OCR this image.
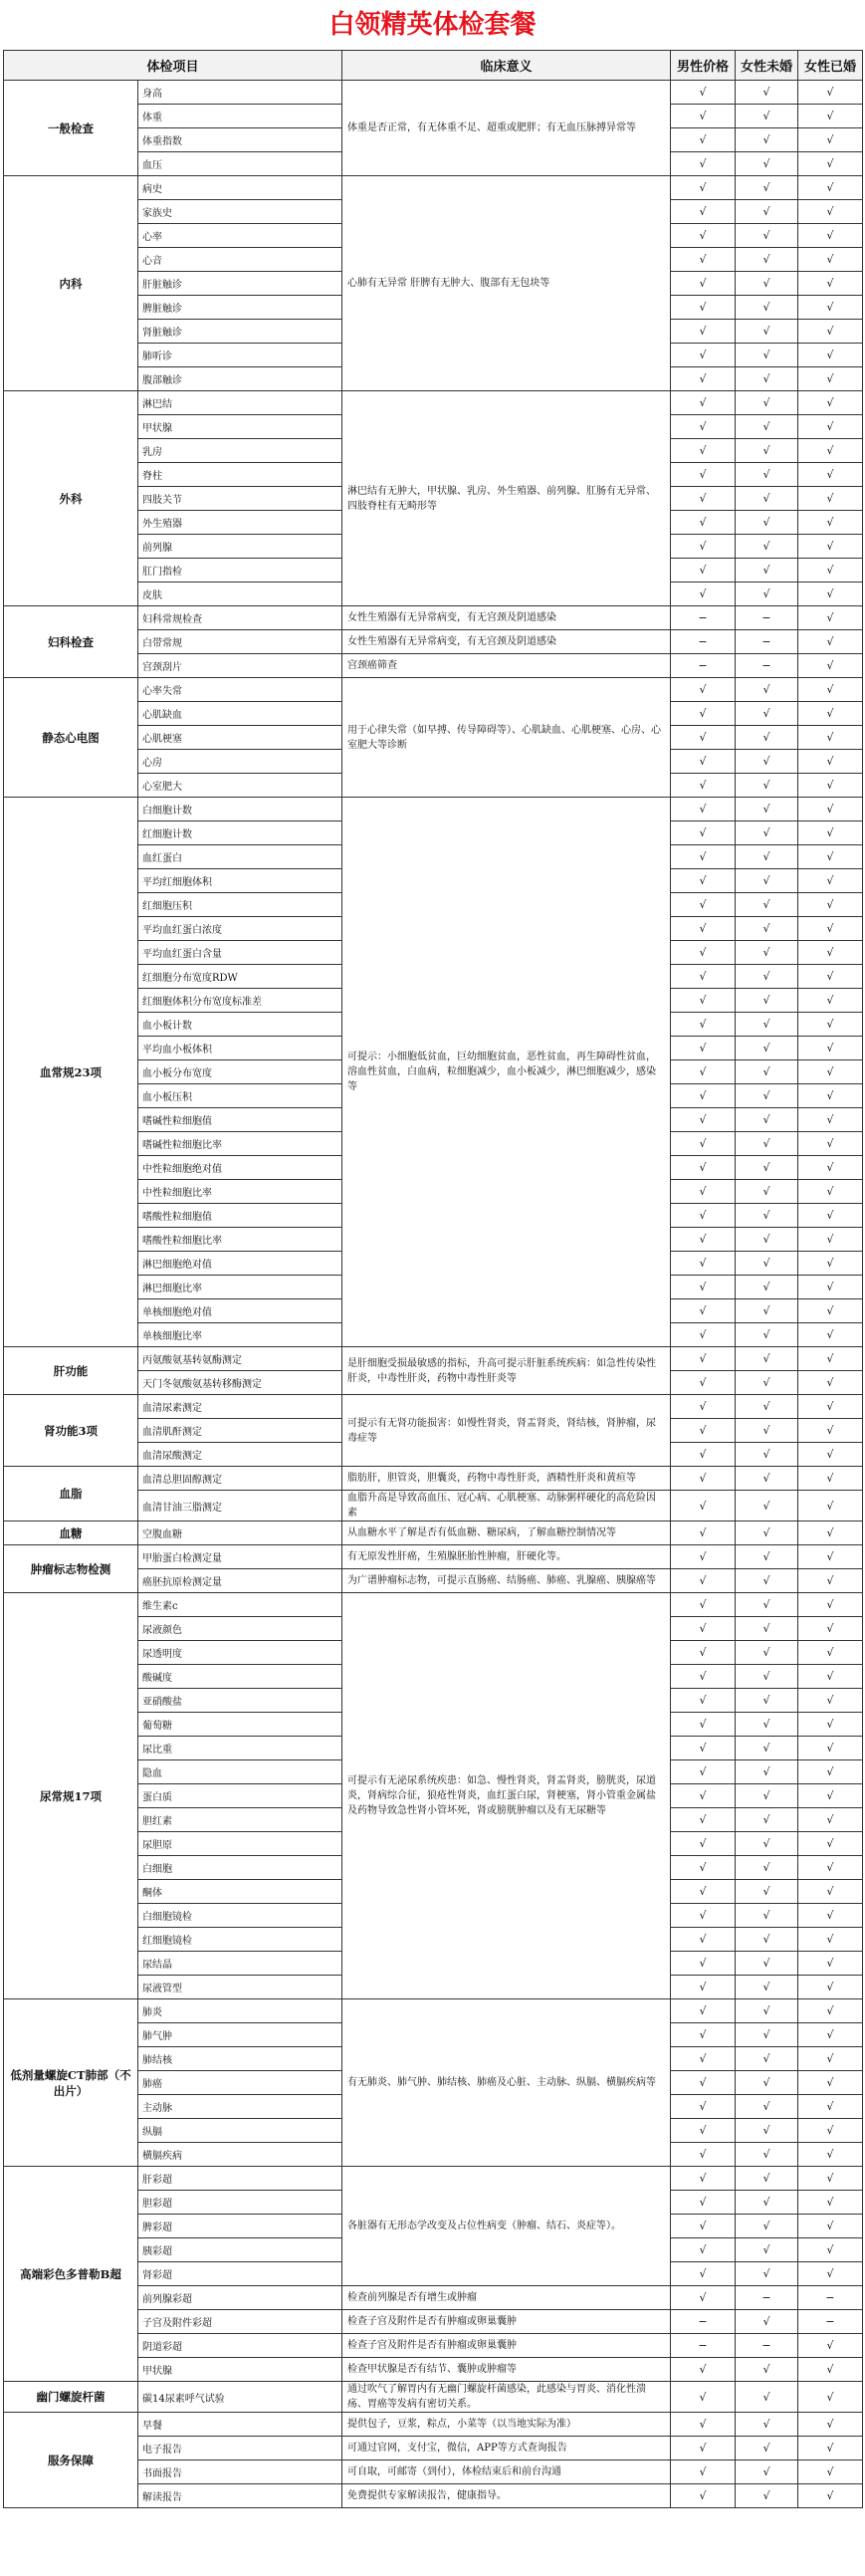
白领精英体检套餐
体检项目		临床意义	男性价格	女性未婚	女性已婚
一般检查	身高	体重是否正常，有无体重不足、超重或肥胖；有无血压脉搏异常等	√	√	√
	体重		√	√	√
	体重指数		√	√	√
	血压		√	√	√
内科	病史	心肺有无异常 肝脾有无肿大、腹部有无包块等	√	√	√
	家族史		√	√	√
	心率		√	√	√
	心音		√	√	√
	肝脏触诊		√	√	√
	脾脏触诊		√	√	√
	肾脏触诊		√	√	√
	肺听诊		√	√	√
	腹部触诊		√	√	√
外科	淋巴结	淋巴结有无肿大，甲状腺、乳房、外生殖器、前列腺、肛肠有无异常、四肢脊柱有无畸形等	√	√	√
	甲状腺		√	√	√
	乳房		√	√	√
	脊柱		√	√	√
	四肢关节		√	√	√
	外生殖器		√	√	√
	前列腺		√	√	√
	肛门指检		√	√	√
	皮肤		√	√	√
妇科检查	妇科常规检查	女性生殖器有无异常病变，有无宫颈及阴道感染	−	−	√
	白带常规	女性生殖器有无异常病变，有无宫颈及阴道感染	−	−	√
	宫颈刮片	宫颈癌筛查	−	−	√
静态心电图	心率失常	用于心律失常（如早搏、传导障碍等）、心肌缺血、心肌梗塞、心房、心室肥大等诊断	√	√	√
	心肌缺血		√	√	√
	心肌梗塞		√	√	√
	心房		√	√	√
	心室肥大		√	√	√
血常规23项	白细胞计数	可提示：小细胞低贫血，巨幼细胞贫血，恶性贫血，再生障碍性贫血，溶血性贫血，白血病，粒细胞减少，血小板减少，淋巴细胞减少，感染等	√	√	√
	红细胞计数		√	√	√
	血红蛋白		√	√	√
	平均红细胞体积		√	√	√
	红细胞压积		√	√	√
	平均血红蛋白浓度		√	√	√
	平均血红蛋白含量		√	√	√
	红细胞分布宽度RDW		√	√	√
	红细胞体积分布宽度标准差		√	√	√
	血小板计数		√	√	√
	平均血小板体积		√	√	√
	血小板分布宽度		√	√	√
	血小板压积		√	√	√
	嗜碱性粒细胞值		√	√	√
	嗜碱性粒细胞比率		√	√	√
	中性粒细胞绝对值		√	√	√
	中性粒细胞比率		√	√	√
	嗜酸性粒细胞值		√	√	√
	嗜酸性粒细胞比率		√	√	√
	淋巴细胞绝对值		√	√	√
	淋巴细胞比率		√	√	√
	单核细胞绝对值		√	√	√
	单核细胞比率		√	√	√
肝功能	丙氨酸氨基转氨酶测定	是肝细胞受损最敏感的指标，升高可提示肝脏系统疾病：如急性传染性肝炎，中毒性肝炎，药物中毒性肝炎等	√	√	√
	天门冬氨酸氨基转移酶测定		√	√	√
肾功能3项	血清尿素测定	可提示有无肾功能损害：如慢性肾炎，肾盂肾炎，肾结核，肾肿瘤，尿毒症等	√	√	√
	血清肌酐测定		√	√	√
	血清尿酸测定		√	√	√
血脂	血清总胆固醇测定	脂肪肝，胆管炎，胆囊炎，药物中毒性肝炎，酒精性肝炎和黄疸等	√	√	√
	血清甘油三脂测定	血脂升高是导致高血压、冠心病、心肌梗塞、动脉粥样硬化的高危险因素	√	√	√
血糖	空腹血糖	从血糖水平了解是否有低血糖、糖尿病，了解血糖控制情况等	√	√	√
肿瘤标志物检测	甲胎蛋白检测定量	有无原发性肝癌，生殖腺胚胎性肿瘤，肝硬化等。	√	√	√
	癌胚抗原检测定量	为广谱肿瘤标志物，可提示直肠癌、结肠癌、肺癌、乳腺癌、胰腺癌等	√	√	√
尿常规17项	维生素c	可提示有无泌尿系统疾患：如急、慢性肾炎，肾盂肾炎，膀胱炎，尿道炎，肾病综合征，狼疮性肾炎，血红蛋白尿，肾梗塞，肾小管重金属盐及药物导致急性肾小管坏死，肾或膀胱肿瘤以及有无尿糖等	√	√	√
	尿液颜色		√	√	√
	尿透明度		√	√	√
	酸碱度		√	√	√
	亚硝酸盐		√	√	√
	葡萄糖		√	√	√
	尿比重		√	√	√
	隐血		√	√	√
	蛋白质		√	√	√
	胆红素		√	√	√
	尿胆原		√	√	√
	白细胞		√	√	√
	酮体		√	√	√
	白细胞镜检		√	√	√
	红细胞镜检		√	√	√
	尿结晶		√	√	√
	尿液管型		√	√	√
低剂量螺旋CT肺部（不出片）	肺炎	有无肺炎、肺气肿、肺结核、肺癌及心脏、主动脉、纵膈、横膈疾病等	√	√	√
	肺气肿		√	√	√
	肺结核		√	√	√
	肺癌		√	√	√
	主动脉		√	√	√
	纵膈		√	√	√
	横膈疾病		√	√	√
高端彩色多普勒B超	肝彩超	各脏器有无形态学改变及占位性病变（肿瘤、结石、炎症等）。	√	√	√
	胆彩超		√	√	√
	脾彩超		√	√	√
	胰彩超		√	√	√
	肾彩超		√	√	√
	前列腺彩超	检查前列腺是否有增生或肿瘤	√	−	−
	子宫及附件彩超	检查子宫及附件是否有肿瘤或卵巢囊肿	−	√	−
	阴道彩超	检查子宫及附件是否有肿瘤或卵巢囊肿	−	−	√
	甲状腺	检查甲状腺是否有结节、囊肿或肿瘤等	√	√	√
幽门螺旋杆菌	碳14尿素呼气试验	通过吹气了解胃内有无幽门螺旋杆菌感染，此感染与胃炎、消化性溃疡、胃癌等发病有密切关系。	√	√	√
服务保障	早餐	提供包子，豆浆，粽点，小菜等（以当地实际为准）	√	√	√
	电子报告	可通过官网，支付宝，微信，APP等方式查询报告	√	√	√
	书面报告	可自取，可邮寄（到付），体检结束后和前台沟通	√	√	√
	解读报告	免费提供专家解读报告，健康指导。	√	√	√
